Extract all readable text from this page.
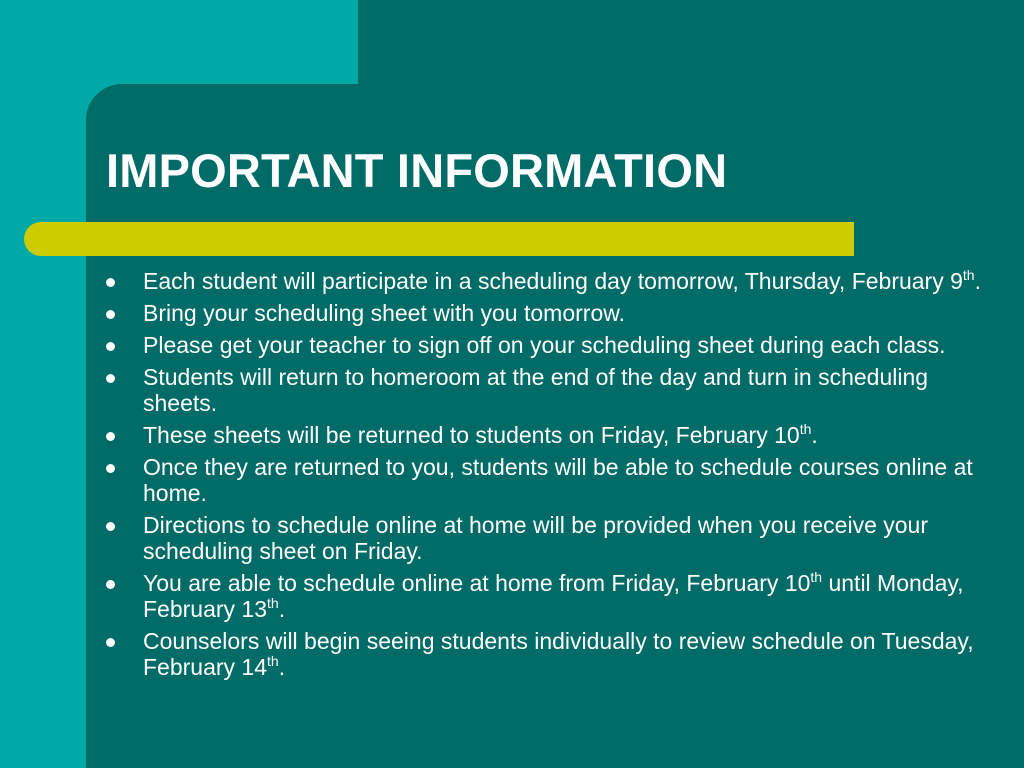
IMPORTANT INFORMATION
Each student will participate in a scheduling day tomorrow, Thursday, February 9th.
Bring your scheduling sheet with you tomorrow.
Please get your teacher to sign off on your scheduling sheet during each class.
Students will return to homeroom at the end of the day and turn in scheduling sheets.
These sheets will be returned to students on Friday, February 10th.
Once they are returned to you, students will be able to schedule courses online at home.
Directions to schedule online at home will be provided when you receive your scheduling sheet on Friday.
You are able to schedule online at home from Friday, February 10th until Monday, February 13th.
Counselors will begin seeing students individually to review schedule on Tuesday, February 14th.
